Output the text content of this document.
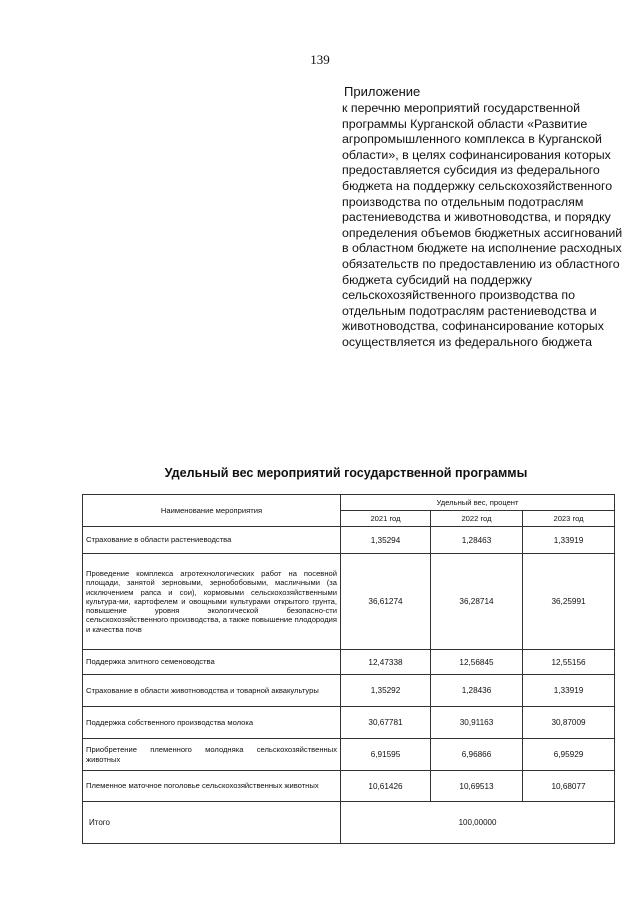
139
Приложение

к перечню мероприятий государственной программы Курганской области «Развитие агропромышленного комплекса в Курганской области», в целях софинансирования которых предоставляется субсидия из федерального бюджета на поддержку сельскохозяйственного производства по отдельным подотраслям растениеводства и животноводства, и порядку определения объемов бюджетных ассигнований в областном бюджете на исполнение расходных обязательств по предоставлению из областного бюджета субсидий на поддержку сельскохозяйственного производства по отдельным подотраслям растениеводства и животноводства, софинансирование которых осуществляется из федерального бюджета

Удельный вес мероприятий государственной программы
Наименование мероприятия	Удельный вес, процент		
	2021 год	2022 год	2023 год
Страхование в области растениеводства	1,35294	1,28463	1,33919
Проведение комплекса агротехнологических работ на посевной площади, занятой зерновыми, зернобобовыми, масличными (за исключением рапса и сои), кормовыми сельскохозяйственными культура-ми, картофелем и овощными культурами открытого грунта, повышение уровня экологической безопасно-сти сельскохозяйственного производства, а также повышение плодородия и качества почв	36,61274	36,28714	36,25991
Поддержка элитного семеноводства	12,47338	12,56845	12,55156
Страхование в области животноводства и товарной аквакультуры	1,35292	1,28436	1,33919
Поддержка собственного производства молока	30,67781	30,91163	30,87009
Приобретение племенного молодняка сельскохозяйственных животных	6,91595	6,96866	6,95929
Племенное маточное поголовье сельскохозяйственных животных	10,61426	10,69513	10,68077
Итого	100,00000		
